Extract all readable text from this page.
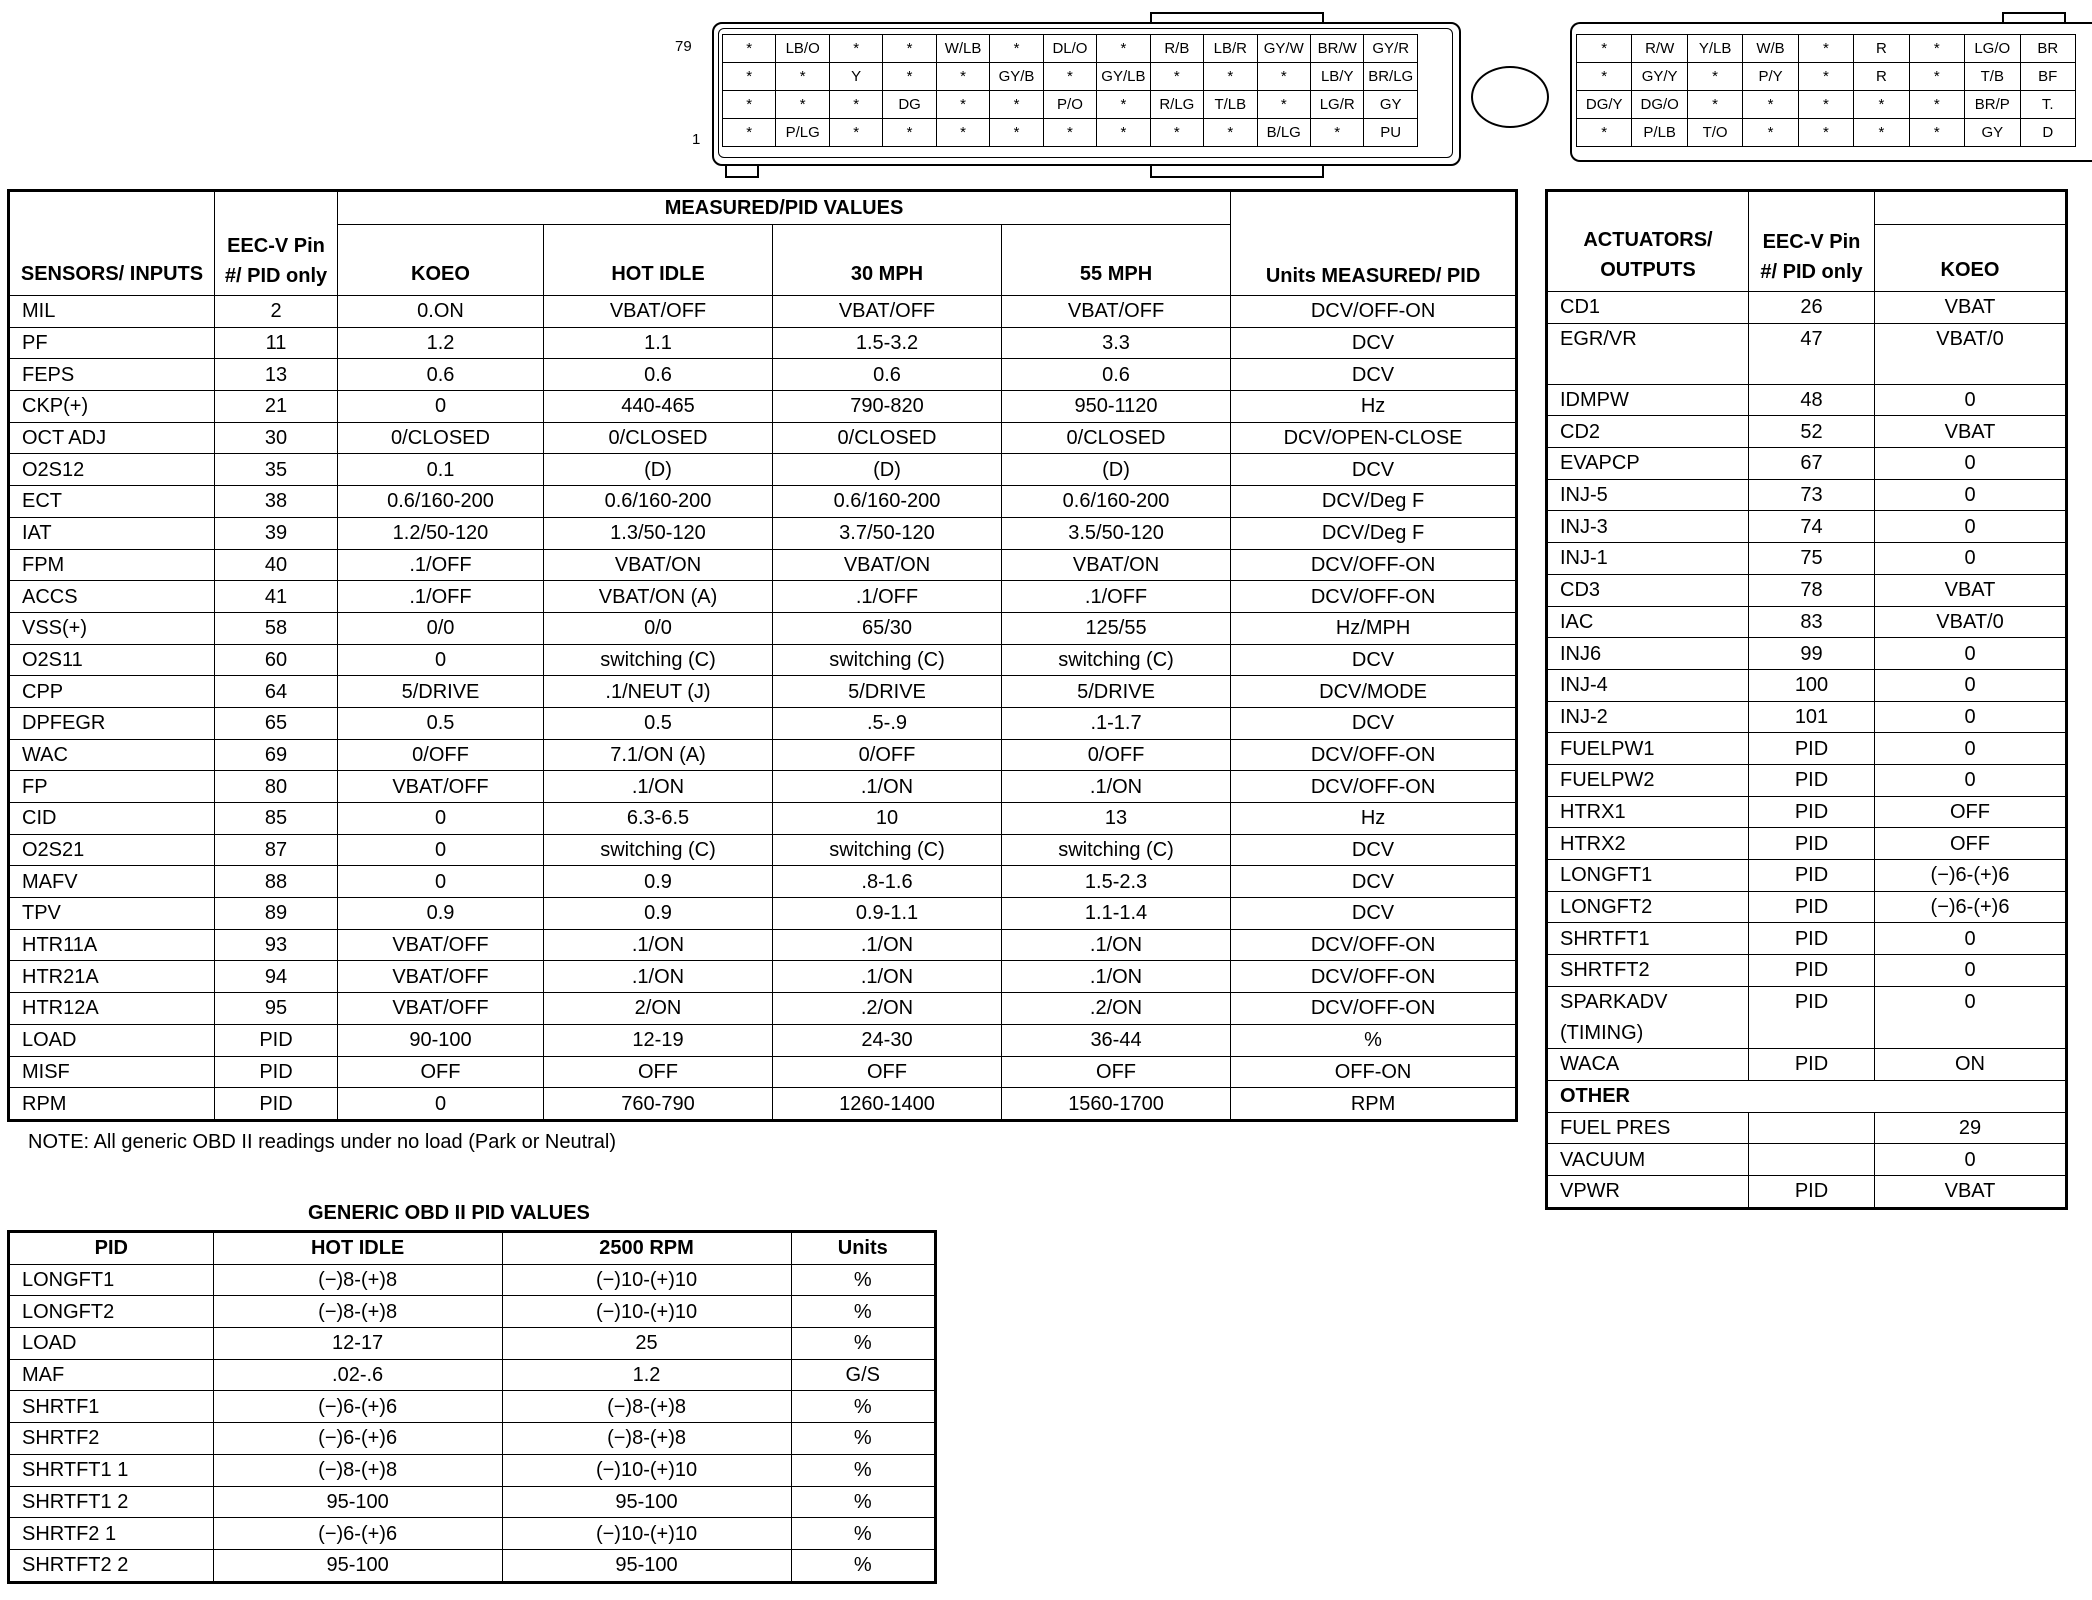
79
1
*	LB/O	*	*	W/LB	*	DL/O	*	R/B	LB/R	GY/W	BR/W	GY/R
*	*	Y	*	*	GY/B	*	GY/LB	*	*	*	LB/Y	BR/LG
*	*	*	DG	*	*	P/O	*	R/LG	T/LB	*	LG/R	GY
*	P/LG	*	*	*	*	*	*	*	*	B/LG	*	PU
*	R/W	Y/LB	W/B	*	R	*	LG/O	BR
*	GY/Y	*	P/Y	*	R	*	T/B	BF
DG/Y	DG/O	*	*	*	*	*	BR/P	T.
*	P/LB	T/O	*	*	*	*	GY	D
SENSORS/ INPUTS	EEC-V Pin #/ PID only	MEASURED/PID VALUES				Units MEASURED/ PID
		KOEO	HOT IDLE	30 MPH	55 MPH	
MIL	2	0.ON	VBAT/OFF	VBAT/OFF	VBAT/OFF	DCV/OFF-ON
PF	11	1.2	1.1	1.5-3.2	3.3	DCV
FEPS	13	0.6	0.6	0.6	0.6	DCV
CKP(+)	21	0	440-465	790-820	950-1120	Hz
OCT ADJ	30	0/CLOSED	0/CLOSED	0/CLOSED	0/CLOSED	DCV/OPEN-CLOSE
O2S12	35	0.1	(D)	(D)	(D)	DCV
ECT	38	0.6/160-200	0.6/160-200	0.6/160-200	0.6/160-200	DCV/Deg F
IAT	39	1.2/50-120	1.3/50-120	3.7/50-120	3.5/50-120	DCV/Deg F
FPM	40	.1/OFF	VBAT/ON	VBAT/ON	VBAT/ON	DCV/OFF-ON
ACCS	41	.1/OFF	VBAT/ON (A)	.1/OFF	.1/OFF	DCV/OFF-ON
VSS(+)	58	0/0	0/0	65/30	125/55	Hz/MPH
O2S11	60	0	switching (C)	switching (C)	switching (C)	DCV
CPP	64	5/DRIVE	.1/NEUT (J)	5/DRIVE	5/DRIVE	DCV/MODE
DPFEGR	65	0.5	0.5	.5-.9	.1-1.7	DCV
WAC	69	0/OFF	7.1/ON (A)	0/OFF	0/OFF	DCV/OFF-ON
FP	80	VBAT/OFF	.1/ON	.1/ON	.1/ON	DCV/OFF-ON
CID	85	0	6.3-6.5	10	13	Hz
O2S21	87	0	switching (C)	switching (C)	switching (C)	DCV
MAFV	88	0	0.9	.8-1.6	1.5-2.3	DCV
TPV	89	0.9	0.9	0.9-1.1	1.1-1.4	DCV
HTR11A	93	VBAT/OFF	.1/ON	.1/ON	.1/ON	DCV/OFF-ON
HTR21A	94	VBAT/OFF	.1/ON	.1/ON	.1/ON	DCV/OFF-ON
HTR12A	95	VBAT/OFF	2/ON	.2/ON	.2/ON	DCV/OFF-ON
LOAD	PID	90-100	12-19	24-30	36-44	%
MISF	PID	OFF	OFF	OFF	OFF	OFF-ON
RPM	PID	0	760-790	1260-1400	1560-1700	RPM
NOTE: All generic OBD II readings under no load (Park or Neutral)
ACTUATORS/ OUTPUTS	EEC-V Pin #/ PID only	
		KOEO
CD1	26	VBAT
EGR/VR	47	VBAT/0
IDMPW	48	0
CD2	52	VBAT
EVAPCP	67	0
INJ-5	73	0
INJ-3	74	0
INJ-1	75	0
CD3	78	VBAT
IAC	83	VBAT/0
INJ6	99	0
INJ-4	100	0
INJ-2	101	0
FUELPW1	PID	0
FUELPW2	PID	0
HTRX1	PID	OFF
HTRX2	PID	OFF
LONGFT1	PID	(−)6-(+)6
LONGFT2	PID	(−)6-(+)6
SHRTFT1	PID	0
SHRTFT2	PID	0
SPARKADV	PID	0
(TIMING)		
WACA	PID	ON
OTHER		
FUEL PRES		29
VACUUM		0
VPWR	PID	VBAT
GENERIC OBD II PID VALUES
PID	HOT IDLE	2500 RPM	Units
LONGFT1	(−)8-(+)8	(−)10-(+)10	%
LONGFT2	(−)8-(+)8	(−)10-(+)10	%
LOAD	12-17	25	%
MAF	.02-.6	1.2	G/S
SHRTF1	(−)6-(+)6	(−)8-(+)8	%
SHRTF2	(−)6-(+)6	(−)8-(+)8	%
SHRTFT1 1	(−)8-(+)8	(−)10-(+)10	%
SHRTFT1 2	95-100	95-100	%
SHRTF2 1	(−)6-(+)6	(−)10-(+)10	%
SHRTFT2 2	95-100	95-100	%
